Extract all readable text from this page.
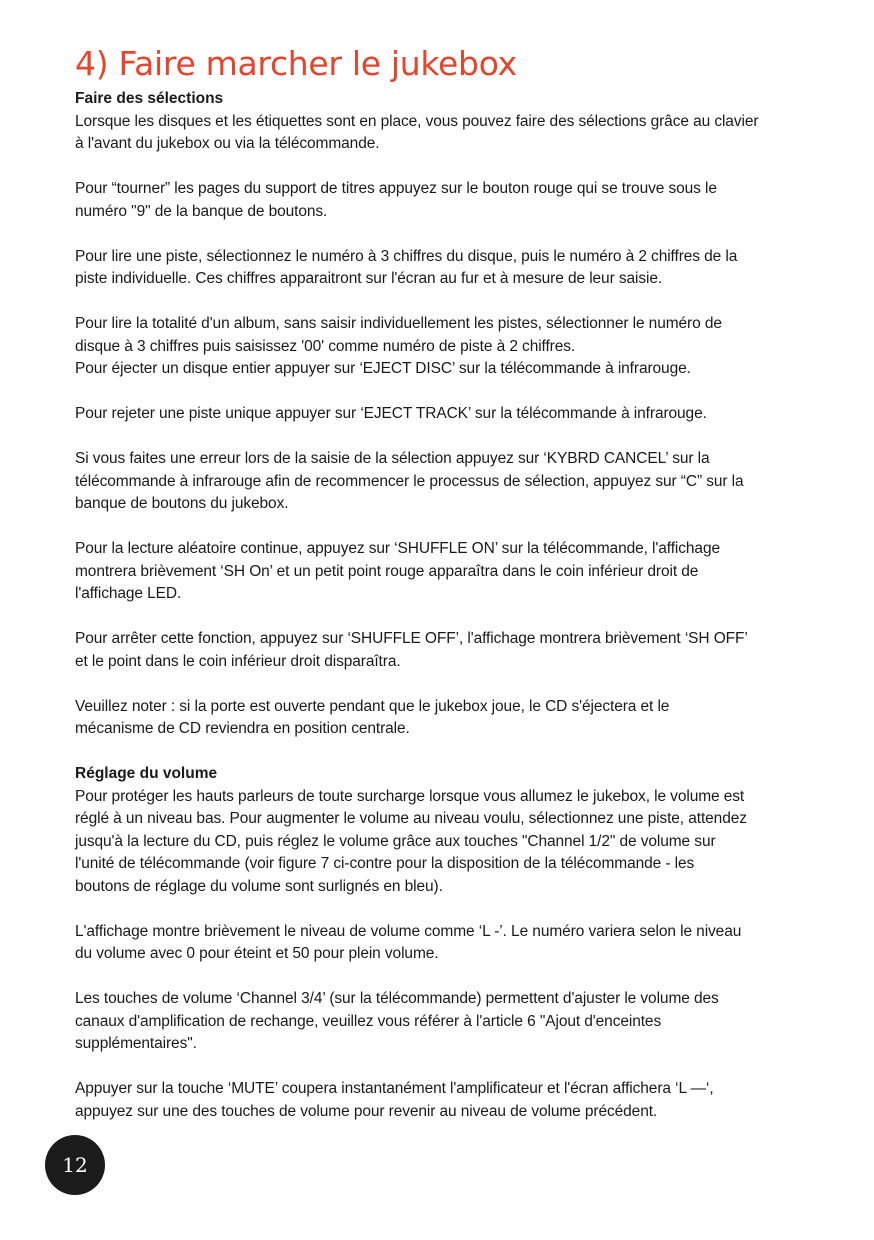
4) Faire marcher le jukebox
Faire des sélections

Lorsque les disques et les étiquettes sont en place, vous pouvez faire des sélections grâce au clavier
à l'avant du jukebox ou via la télécommande.

Pour “tourner” les pages du support de titres appuyez sur le bouton rouge qui se trouve sous le
numéro "9" de la banque de boutons.

Pour lire une piste, sélectionnez le numéro à 3 chiffres du disque, puis le numéro à 2 chiffres de la
piste individuelle. Ces chiffres apparaitront sur l'écran au fur et à mesure de leur saisie.

Pour lire la totalité d'un album, sans saisir individuellement les pistes, sélectionner le numéro de
disque à 3 chiffres puis saisissez '00' comme numéro de piste à 2 chiffres.
Pour éjecter un disque entier appuyer sur ‘EJECT DISC’ sur la télécommande à infrarouge.

Pour rejeter une piste unique appuyer sur ‘EJECT TRACK’ sur la télécommande à infrarouge.

Si vous faites une erreur lors de la saisie de la sélection appuyez sur ‘KYBRD CANCEL’ sur la
télécommande à infrarouge afin de recommencer le processus de sélection, appuyez sur “C” sur la
banque de boutons du jukebox.

Pour la lecture aléatoire continue, appuyez sur ‘SHUFFLE ON’ sur la télécommande, l'affichage
montrera brièvement ‘SH On’ et un petit point rouge apparaîtra dans le coin inférieur droit de
l'affichage LED.

Pour arrêter cette fonction, appuyez sur ‘SHUFFLE OFF’, l'affichage montrera brièvement ‘SH OFF’
et le point dans le coin inférieur droit disparaîtra.

Veuillez noter : si la porte est ouverte pendant que le jukebox joue, le CD s'éjectera et le
mécanisme de CD reviendra en position centrale.

Réglage du volume

Pour protéger les hauts parleurs de toute surcharge lorsque vous allumez le jukebox, le volume est
réglé à un niveau bas. Pour augmenter le volume au niveau voulu, sélectionnez une piste, attendez
jusqu'à la lecture du CD, puis réglez le volume grâce aux touches "Channel 1/2" de volume sur
l'unité de télécommande (voir figure 7 ci-contre pour la disposition de la télécommande - les
boutons de réglage du volume sont surlignés en bleu).

L'affichage montre brièvement le niveau de volume comme ‘L -’. Le numéro variera selon le niveau
du volume avec 0 pour éteint et 50 pour plein volume.

Les touches de volume ‘Channel 3/4’ (sur la télécommande) permettent d'ajuster le volume des
canaux d'amplification de rechange, veuillez vous référer à l'article 6 "Ajout d'enceintes
supplémentaires".

Appuyer sur la touche ‘MUTE’ coupera instantanément l'amplificateur et l'écran affichera ‘L —‘,
appuyez sur une des touches de volume pour revenir au niveau de volume précédent.

12
